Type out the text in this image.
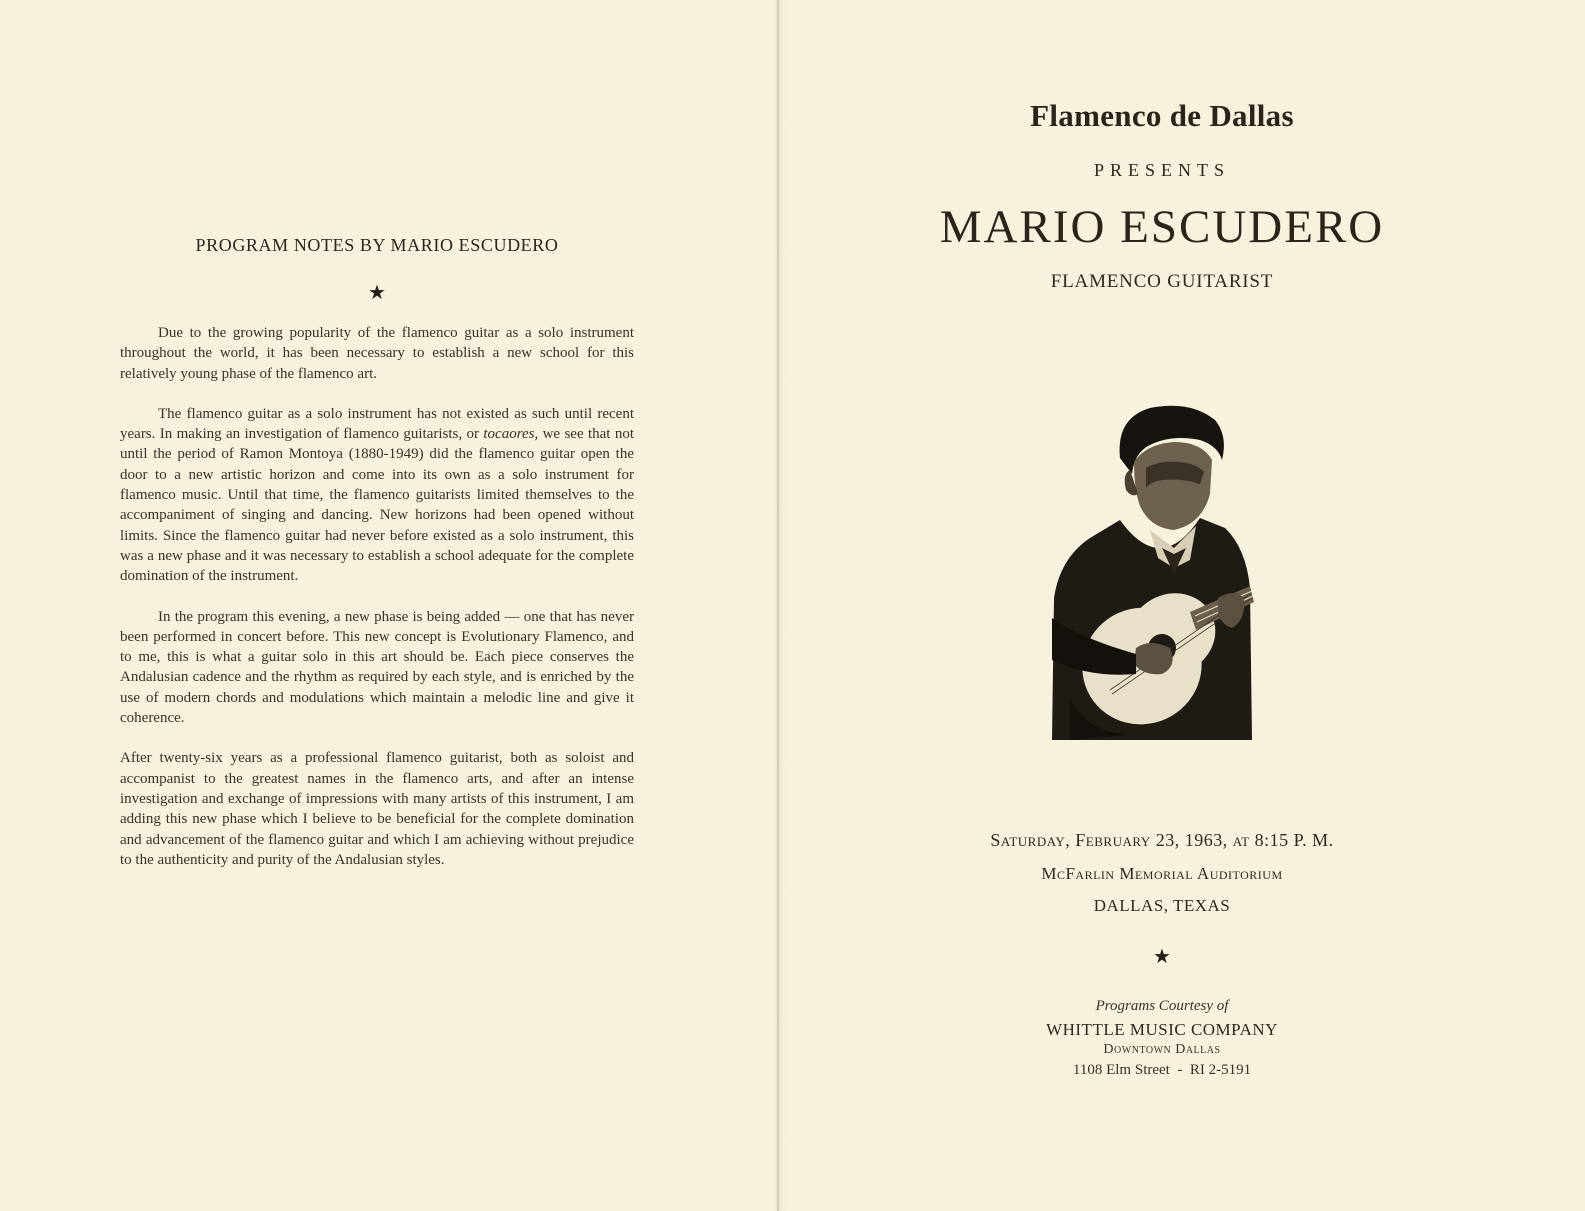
PROGRAM NOTES BY MARIO ESCUDERO
★

Due to the growing popularity of the flamenco guitar as a solo instrument throughout the world, it has been necessary to establish a new school for this relatively young phase of the flamenco art.

The flamenco guitar as a solo instrument has not existed as such until recent years. In making an investigation of flamenco guitarists, or tocaores, we see that not until the period of Ramon Montoya (1880-1949) did the flamenco guitar open the door to a new artistic horizon and come into its own as a solo instrument for flamenco music. Until that time, the flamenco guitarists limited themselves to the accompaniment of singing and dancing. New horizons had been opened without limits. Since the flamenco guitar had never before existed as a solo instrument, this was a new phase and it was necessary to establish a school adequate for the complete domination of the instrument.

In the program this evening, a new phase is being added — one that has never been performed in concert before. This new concept is Evolutionary Flamenco, and to me, this is what a guitar solo in this art should be. Each piece conserves the Andalusian cadence and the rhythm as required by each style, and is enriched by the use of modern chords and modulations which maintain a melodic line and give it coherence.

After twenty-six years as a professional flamenco guitarist, both as soloist and accompanist to the greatest names in the flamenco arts, and after an intense investigation and exchange of impressions with many artists of this instrument, I am adding this new phase which I believe to be beneficial for the complete domination and advancement of the flamenco guitar and which I am achieving without prejudice to the authenticity and purity of the Andalusian styles.

Flamenco de Dallas
PRESENTS
MARIO ESCUDERO
FLAMENCO GUITARIST
Saturday, February 23, 1963, at 8:15 P. M.
McFarlin Memorial Auditorium
DALLAS, TEXAS
★
Programs Courtesy of
WHITTLE MUSIC COMPANY
Downtown Dallas
1108 Elm Street  -  RI 2-5191
